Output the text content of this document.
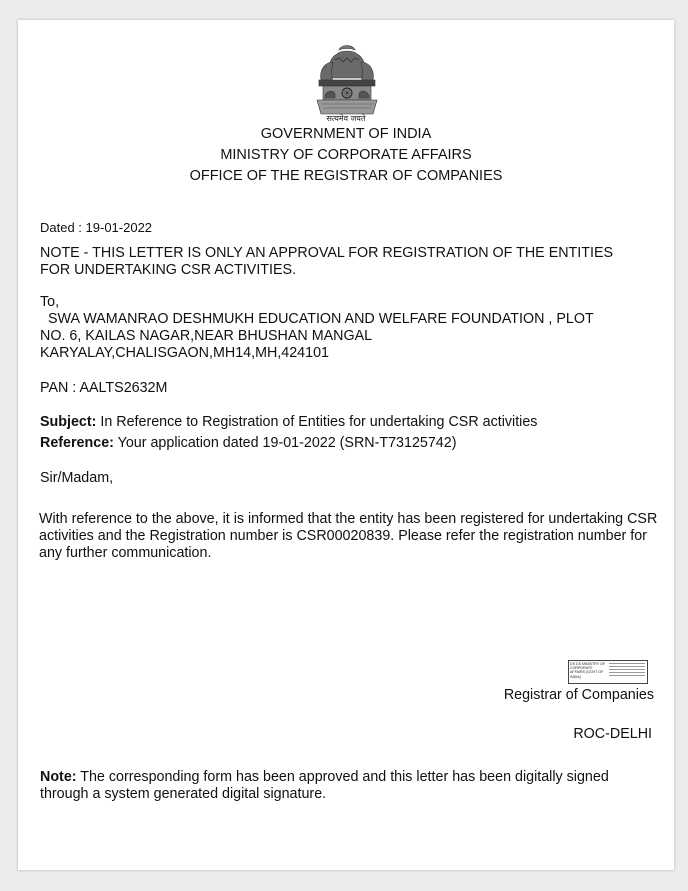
सत्यमेव जयते
GOVERNMENT OF INDIA
MINISTRY OF CORPORATE AFFAIRS
OFFICE OF THE REGISTRAR OF COMPANIES
Dated : 19-01-2022
NOTE - THIS LETTER IS ONLY AN APPROVAL FOR REGISTRATION OF THE ENTITIES FOR UNDERTAKING CSR ACTIVITIES.
To,
SWA WAMANRAO DESHMUKH EDUCATION AND WELFARE FOUNDATION , PLOT
NO. 6, KAILAS NAGAR,NEAR BHUSHAN MANGAL
KARYALAY,CHALISGAON,MH14,MH,424101
PAN : AALTS2632M
Subject: In Reference to Registration of Entities for undertaking CSR activities
Reference: Your application dated 19-01-2022 (SRN-T73125742)
Sir/Madam,
With reference to the above, it is informed that the entity has been registered for undertaking CSR activities and the Registration number is CSR00020839. Please refer the registration number for any further communication.
DS DS MINISTRY OF CORPORATE AFFAIRS (GOVT OF INDIA)
Registrar of Companies
ROC-DELHI
Note: The corresponding form has been approved and this letter has been digitally signed through a system generated digital signature.
